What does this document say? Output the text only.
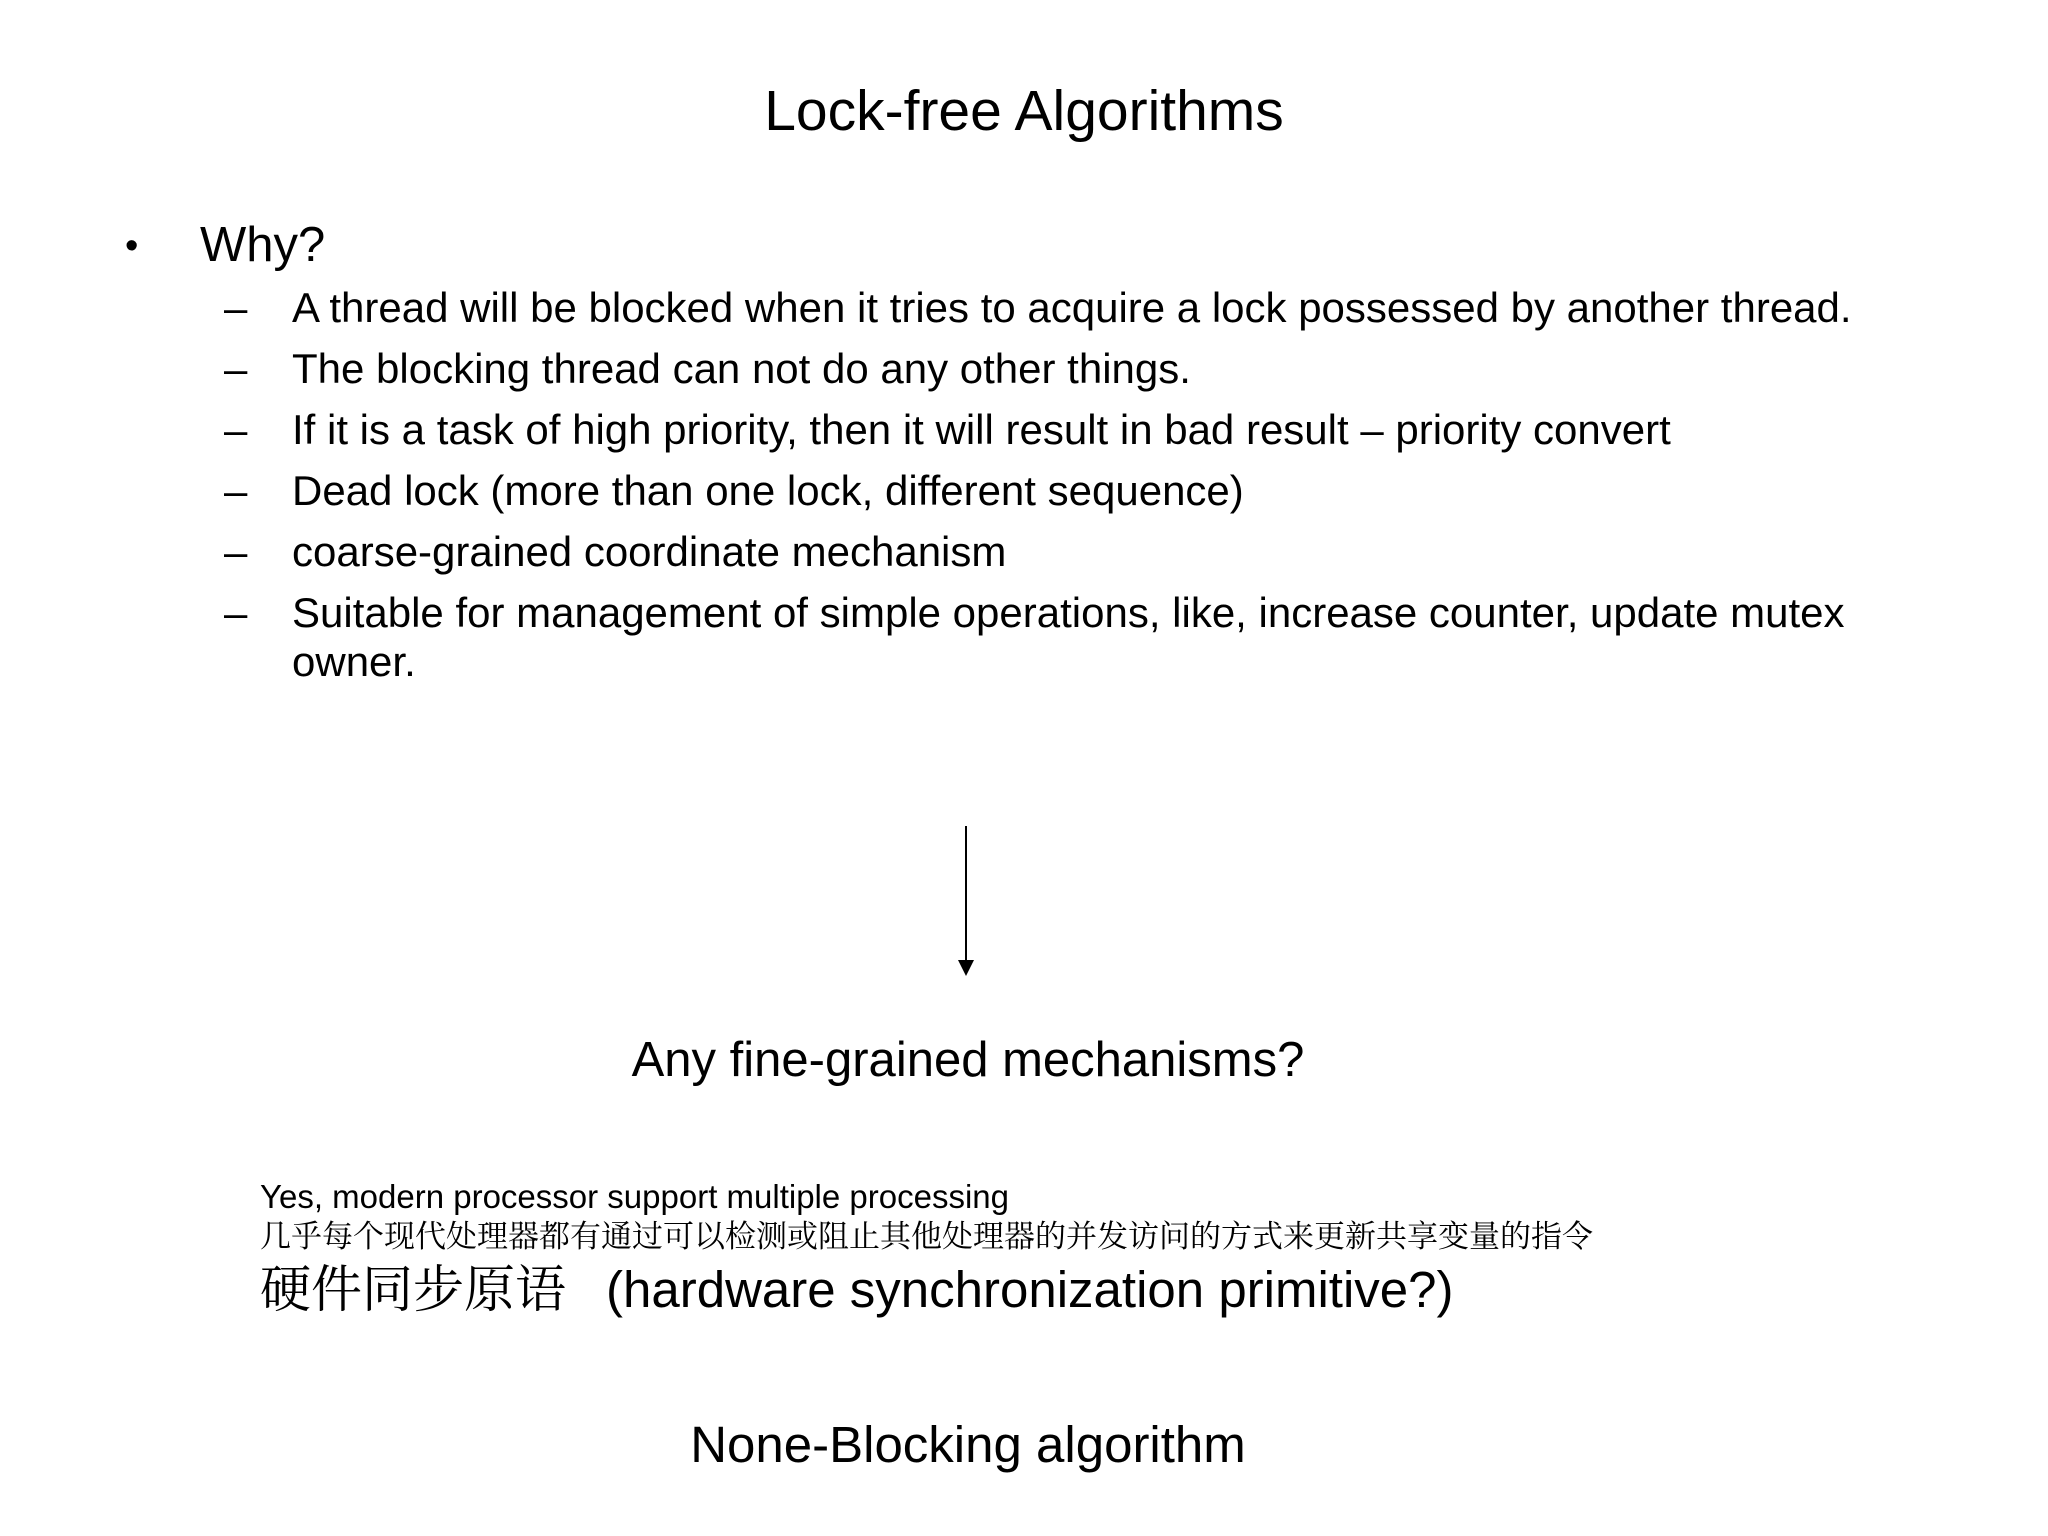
Lock-free Algorithms
• Why?
– A thread will be blocked when it tries to acquire a lock possessed by another thread.
– The blocking thread can not do any other things.
– If it is a task of high priority, then it will result in bad result – priority convert
– Dead lock (more than one lock, different sequence)
– coarse-grained coordinate mechanism
– Suitable for management of simple operations, like, increase counter, update mutex owner.
Any fine-grained mechanisms?
Yes, modern processor support multiple processing
几乎每个现代处理器都有通过可以检测或阻止其他处理器的并发访问的方式来更新共享变量的指令
硬件同步原语 (hardware synchronization primitive?)
None-Blocking algorithm
